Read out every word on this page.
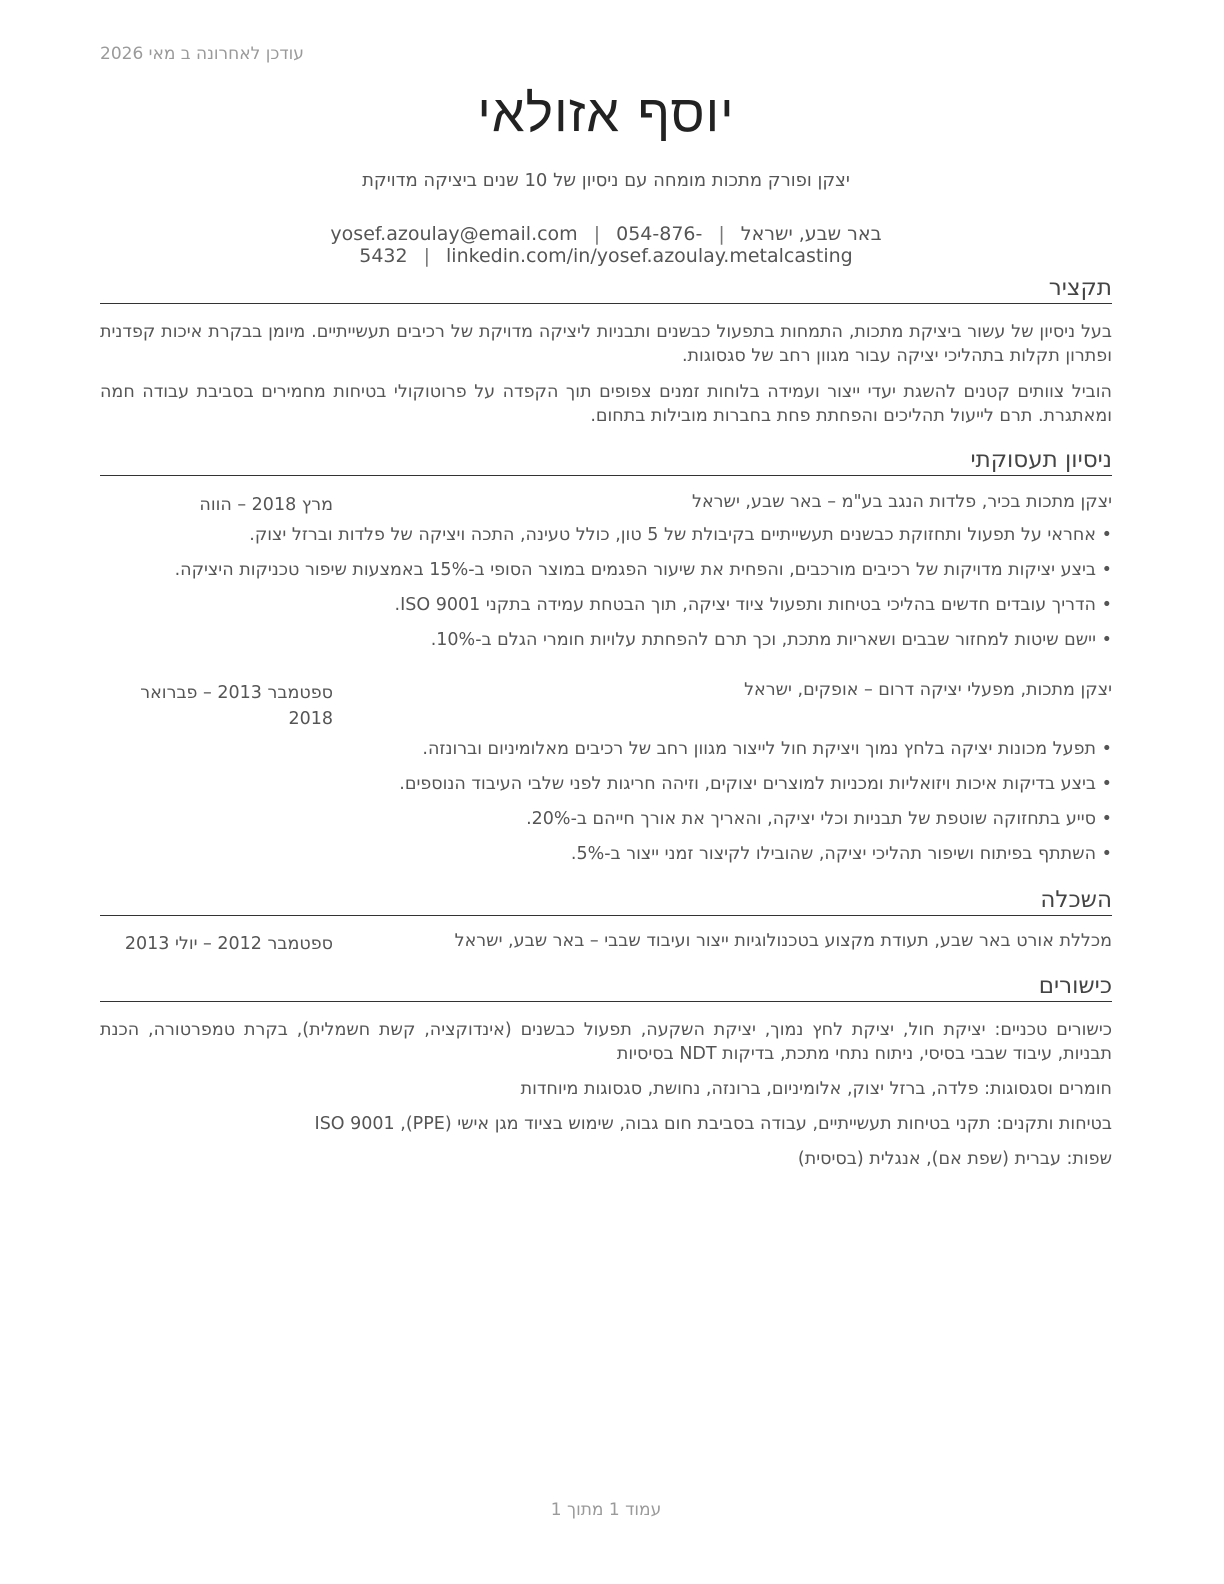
עודכן לאחרונה ב מאי 2026
יוסף אזולאי
יצקן ופורק מתכות מומחה עם ניסיון של 10 שנים ביציקה מדויקת
באר שבע, ישראל|yosef.azoulay@email.com | 054-876-5432 | linkedin.com/in/yosef.azoulay.metalcasting
תקציר
בעל ניסיון של עשור ביציקת מתכות, התמחות בתפעול כבשנים ותבניות ליציקה מדויקת של רכיבים תעשייתיים. מיומן בבקרת איכות קפדנית ופתרון תקלות בתהליכי יציקה עבור מגוון רחב של סגסוגות.
הוביל צוותים קטנים להשגת יעדי ייצור ועמידה בלוחות זמנים צפופים תוך הקפדה על פרוטוקולי בטיחות מחמירים בסביבת עבודה חמה ומאתגרת. תרם לייעול תהליכים והפחתת פחת בחברות מובילות בתחום.
ניסיון תעסוקתי
יצקן מתכות בכיר, פלדות הנגב בע"מ – באר שבע, ישראל
מרץ 2018 – הווה
• אחראי על תפעול ותחזוקת כבשנים תעשייתיים בקיבולת של 5 טון, כולל טעינה, התכה ויציקה של פלדות וברזל יצוק.
• ביצע יציקות מדויקות של רכיבים מורכבים, והפחית את שיעור הפגמים במוצר הסופי ב-15% באמצעות שיפור טכניקות היציקה.
• הדריך עובדים חדשים בהליכי בטיחות ותפעול ציוד יציקה, תוך הבטחת עמידה בתקני ISO 9001.
• יישם שיטות למחזור שבבים ושאריות מתכת, וכך תרם להפחתת עלויות חומרי הגלם ב-10%.
יצקן מתכות, מפעלי יציקה דרום – אופקים, ישראל
ספטמבר 2013 – פברואר 2018
• תפעל מכונות יציקה בלחץ נמוך ויציקת חול לייצור מגוון רחב של רכיבים מאלומיניום וברונזה.
• ביצע בדיקות איכות ויזואליות ומכניות למוצרים יצוקים, וזיהה חריגות לפני שלבי העיבוד הנוספים.
• סייע בתחזוקה שוטפת של תבניות וכלי יציקה, והאריך את אורך חייהם ב-20%.
• השתתף בפיתוח ושיפור תהליכי יציקה, שהובילו לקיצור זמני ייצור ב-5%.
השכלה
מכללת אורט באר שבע, תעודת מקצוע בטכנולוגיות ייצור ועיבוד שבבי – באר שבע, ישראל
ספטמבר 2012 – יולי 2013
כישורים
כישורים טכניים: יציקת חול, יציקת לחץ נמוך, יציקת השקעה, תפעול כבשנים (אינדוקציה, קשת חשמלית), בקרת טמפרטורה, הכנת תבניות, עיבוד שבבי בסיסי, ניתוח נתחי מתכת, בדיקות NDT בסיסיות
חומרים וסגסוגות: פלדה, ברזל יצוק, אלומיניום, ברונזה, נחושת, סגסוגות מיוחדות
בטיחות ותקנים: תקני בטיחות תעשייתיים, עבודה בסביבת חום גבוה, שימוש בציוד מגן אישי (PPE), ISO 9001
שפות: עברית (שפת אם), אנגלית (בסיסית)
עמוד 1 מתוך 1
